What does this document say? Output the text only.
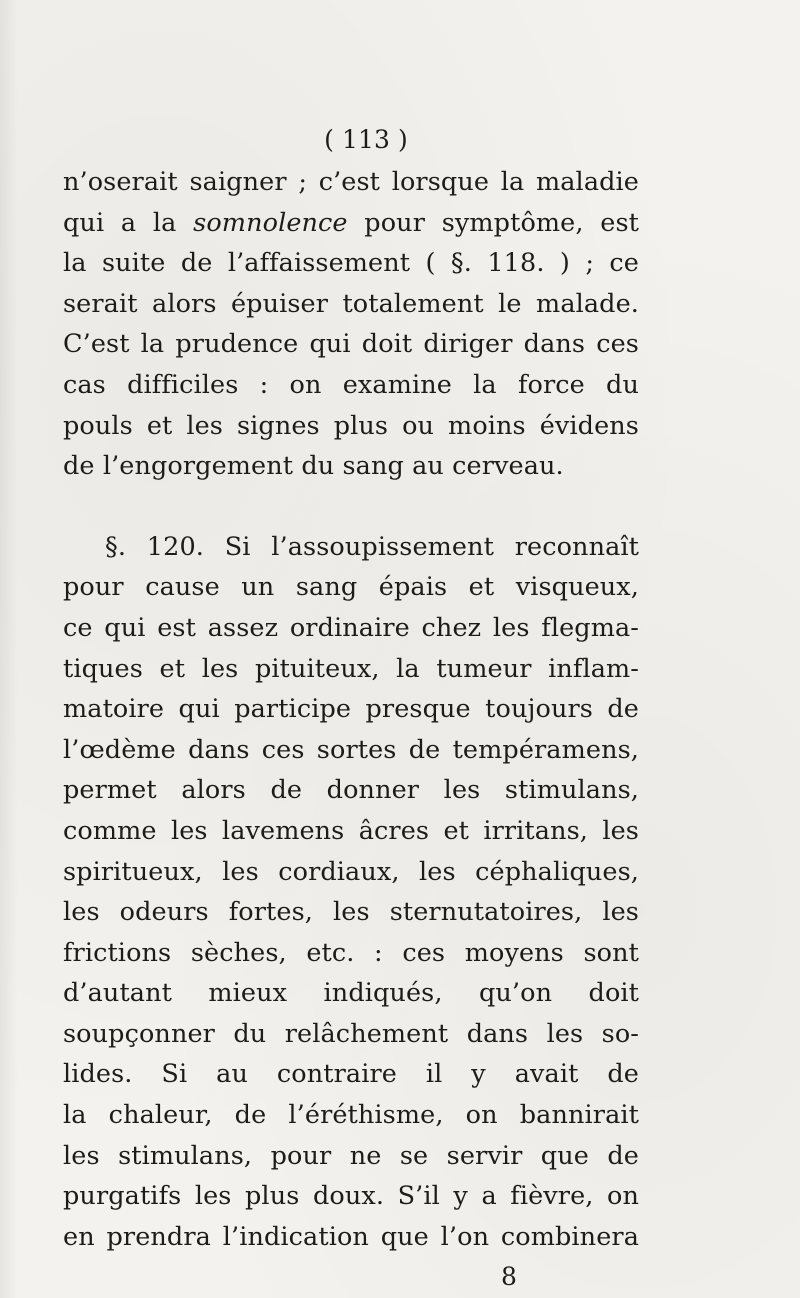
( 113 )
n’oserait saigner ; c’est lorsque la maladie
qui a la somnolence pour symptôme, est
la suite de l’affaissement ( §. 118. ) ; ce
serait alors épuiser totalement le malade.
C’est la prudence qui doit diriger dans ces
cas difficiles : on examine la force du
pouls et les signes plus ou moins évidens
de l’engorgement du sang au cerveau.
§. 120. Si l’assoupissement reconnaît
pour cause un sang épais et visqueux,
ce qui est assez ordinaire chez les flegma-
tiques et les pituiteux, la tumeur inflam-
matoire qui participe presque toujours de
l’œdème dans ces sortes de tempéramens,
permet alors de donner les stimulans,
comme les lavemens âcres et irritans, les
spiritueux, les cordiaux, les céphaliques,
les odeurs fortes, les sternutatoires, les
frictions sèches, etc. : ces moyens sont
d’autant mieux indiqués, qu’on doit
soupçonner du relâchement dans les so-
lides. Si au contraire il y avait de
la chaleur, de l’éréthisme, on bannirait
les stimulans, pour ne se servir que de
purgatifs les plus doux. S’il y a fièvre, on
en prendra l’indication que l’on combinera
8
